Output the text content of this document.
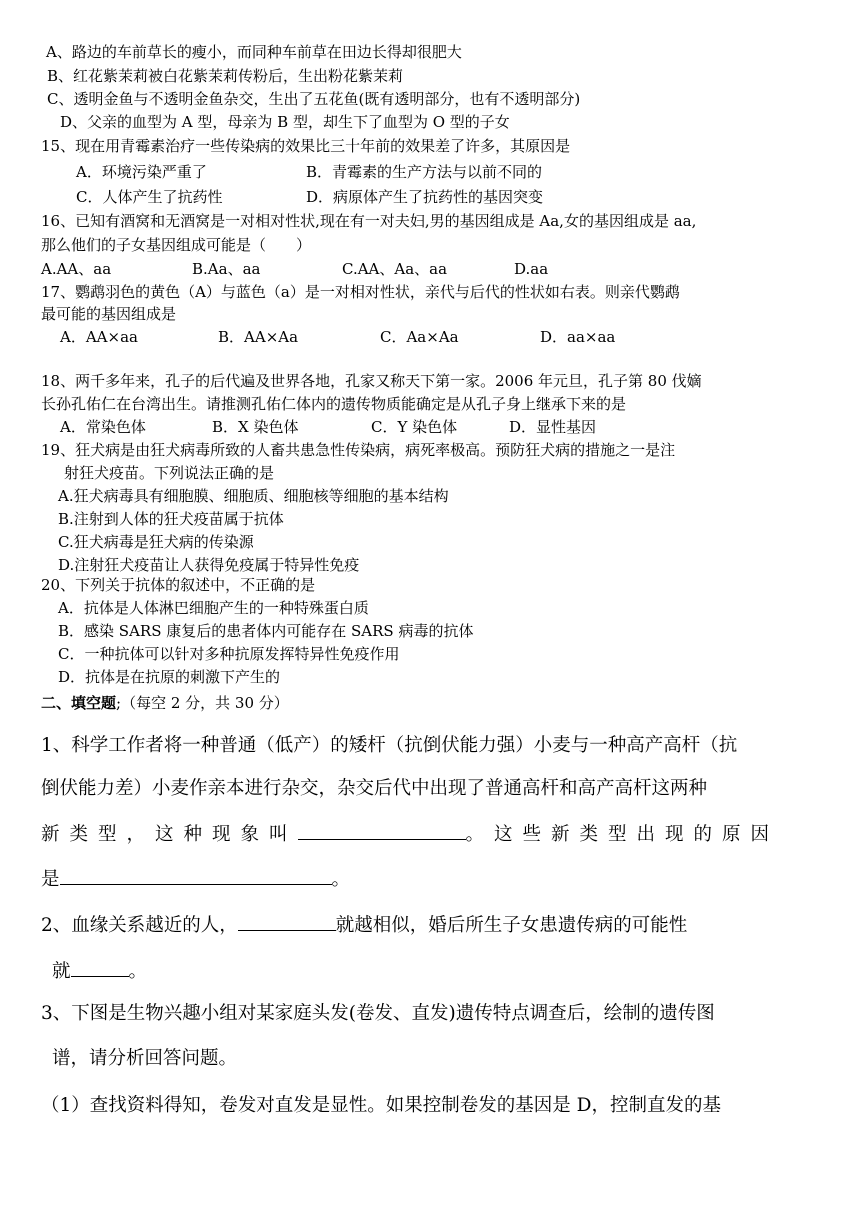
A、路边的车前草长的瘦小，而同种车前草在田边长得却很肥大
B、红花紫茉莉被白花紫茉莉传粉后，生出粉花紫茉莉
C、透明金鱼与不透明金鱼杂交，生出了五花鱼(既有透明部分，也有不透明部分)
D、父亲的血型为 A 型，母亲为 B 型，却生下了血型为 O 型的子女
15、现在用青霉素治疗一些传染病的效果比三十年前的效果差了许多，其原因是
A．环境污染严重了	B．青霉素的生产方法与以前不同的
C．人体产生了抗药性	D．病原体产生了抗药性的基因突变
16、已知有酒窝和无酒窝是一对相对性状,现在有一对夫妇,男的基因组成是 Aa,女的基因组成是 aa,
那么他们的子女基因组成可能是（　　）
A.AA、aa	B.Aa、aa	C.AA、Aa、aa	D.aa
17、鹦鹉羽色的黄色（A）与蓝色（a）是一对相对性状，亲代与后代的性状如右表。则亲代鹦鹉
最可能的基因组成是
A．AA×aa	B．AA×Aa	C．Aa×Aa	D．aa×aa
18、两千多年来，孔子的后代遍及世界各地，孔家又称天下第一家。2006 年元旦，孔子第 80 伐嫡
长孙孔佑仁在台湾出生。请推测孔佑仁体内的遗传物质能确定是从孔子身上继承下来的是
A．常染色体	B．X 染色体	C．Y 染色体	D．显性基因
19、狂犬病是由狂犬病毒所致的人畜共患急性传染病，病死率极高。预防狂犬病的措施之一是注
射狂犬疫苗。下列说法正确的是
A.狂犬病毒具有细胞膜、细胞质、细胞核等细胞的基本结构
B.注射到人体的狂犬疫苗属于抗体
C.狂犬病毒是狂犬病的传染源
D.注射狂犬疫苗让人获得免疫属于特异性免疫
20、下列关于抗体的叙述中，不正确的是
A．抗体是人体淋巴细胞产生的一种特殊蛋白质
B．感染 SARS 康复后的患者体内可能存在 SARS 病毒的抗体
C．一种抗体可以针对多种抗原发挥特异性免疫作用
D．抗体是在抗原的刺激下产生的
二、填空题;（每空 2 分，共 30 分）
1、科学工作者将一种普通（低产）的矮杆（抗倒伏能力强）小麦与一种高产高杆（抗
倒伏能力差）小麦作亲本进行杂交，杂交后代中出现了普通高杆和高产高杆这两种
新类型，这种现象叫	。这些新类型出现的原因
是	。
2、血缘关系越近的人，	就越相似，婚后所生子女患遗传病的可能性
就	。
3、下图是生物兴趣小组对某家庭头发(卷发、直发)遗传特点调查后，绘制的遗传图
谱，请分析回答问题。
（1）查找资料得知，卷发对直发是显性。如果控制卷发的基因是 D，控制直发的基
